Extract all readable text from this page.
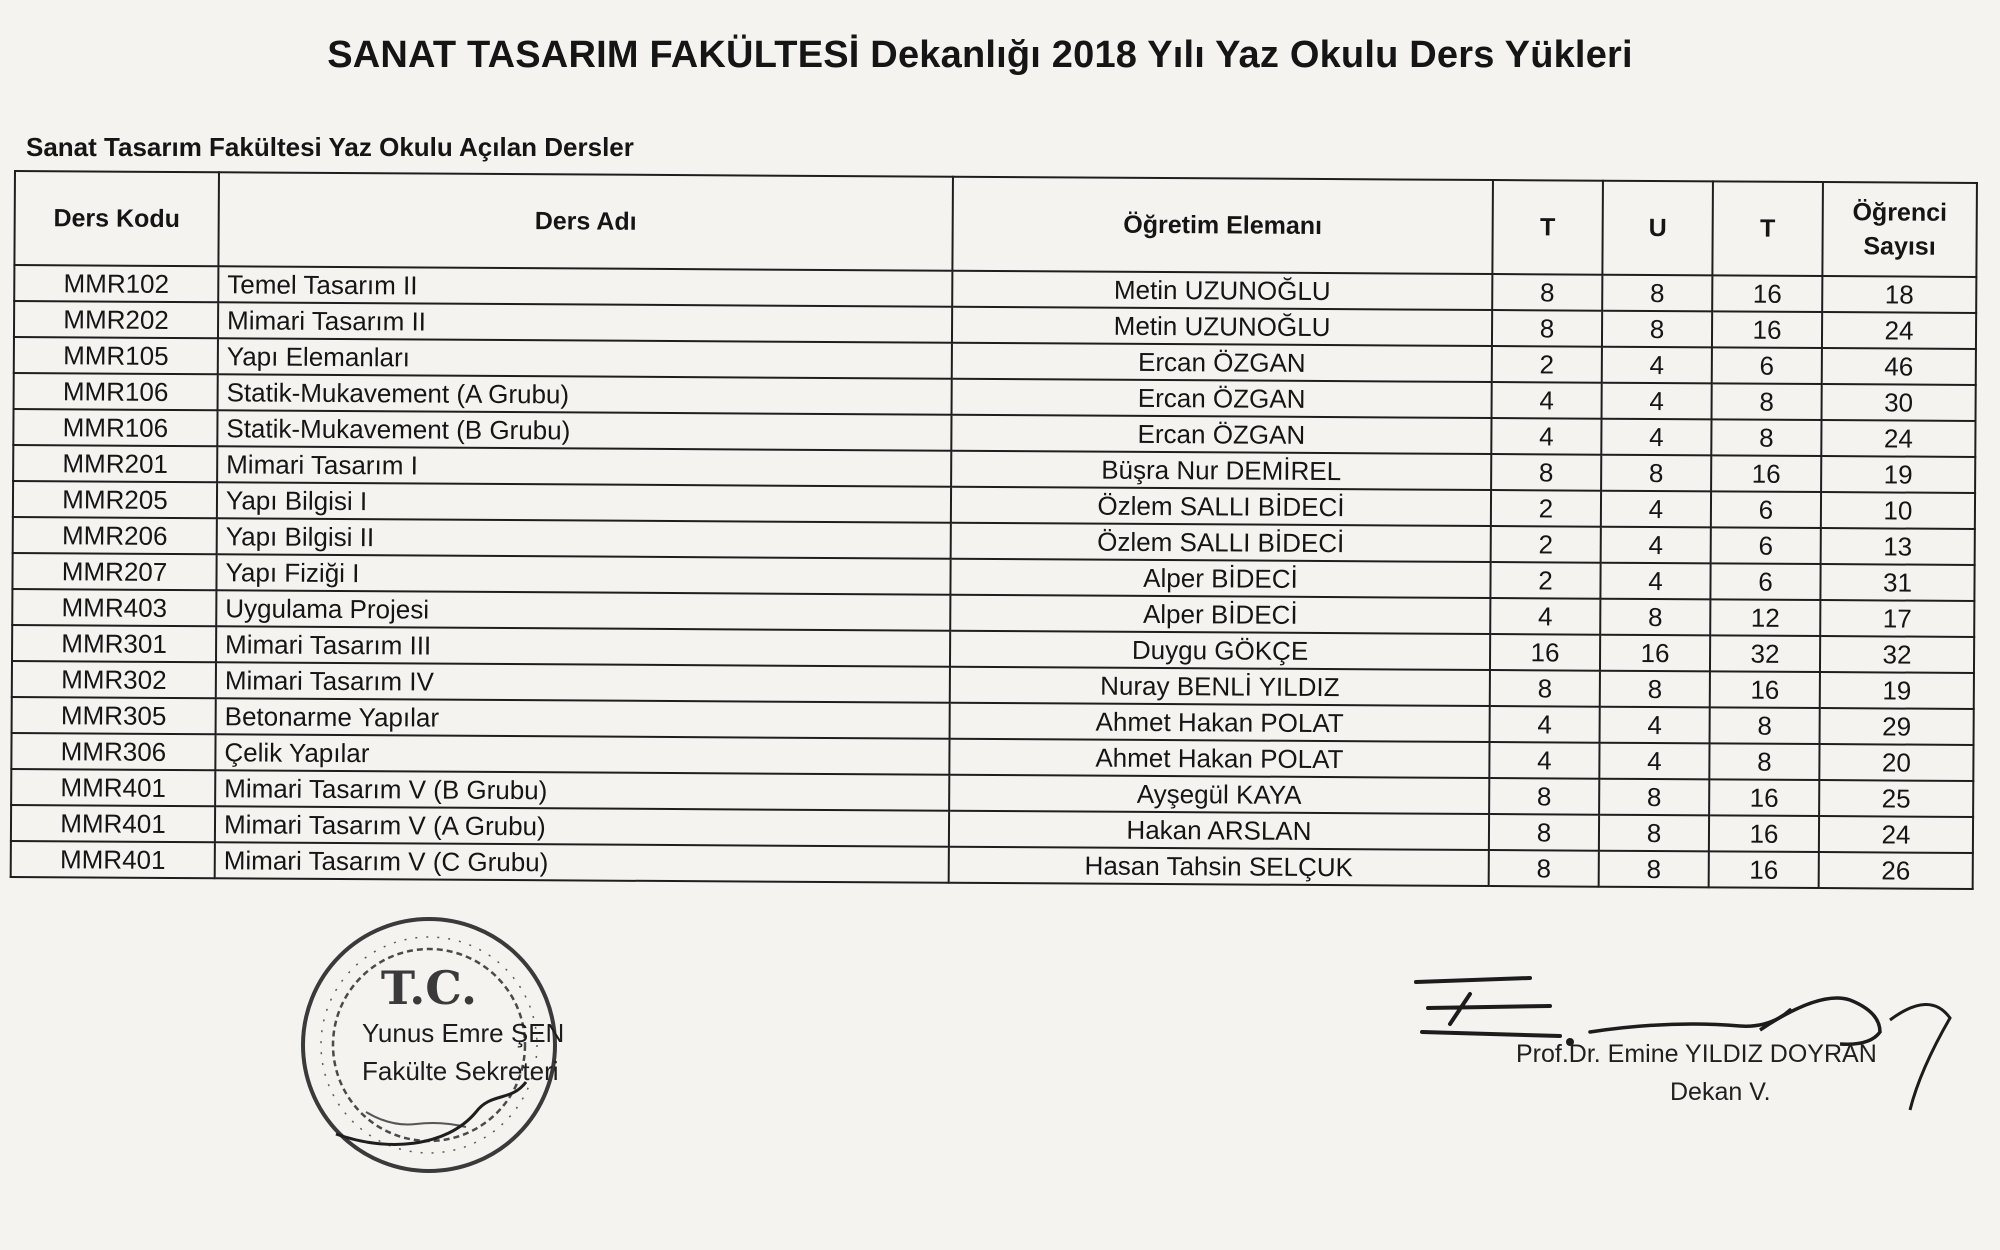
SANAT TASARIM FAKÜLTESİ Dekanlığı 2018 Yılı Yaz Okulu Ders Yükleri
Sanat Tasarım Fakültesi Yaz Okulu Açılan Dersler
Ders Kodu	Ders Adı	Öğretim Elemanı	T	U	T	Öğrenci
Sayısı
MMR102	Temel Tasarım II	Metin UZUNOĞLU	8	8	16	18
MMR202	Mimari Tasarım II	Metin UZUNOĞLU	8	8	16	24
MMR105	Yapı Elemanları	Ercan ÖZGAN	2	4	6	46
MMR106	Statik-Mukavement (A Grubu)	Ercan ÖZGAN	4	4	8	30
MMR106	Statik-Mukavement (B Grubu)	Ercan ÖZGAN	4	4	8	24
MMR201	Mimari Tasarım I	Büşra Nur DEMİREL	8	8	16	19
MMR205	Yapı Bilgisi I	Özlem SALLI BİDECİ	2	4	6	10
MMR206	Yapı Bilgisi II	Özlem SALLI BİDECİ	2	4	6	13
MMR207	Yapı Fiziği I	Alper BİDECİ	2	4	6	31
MMR403	Uygulama Projesi	Alper BİDECİ	4	8	12	17
MMR301	Mimari Tasarım III	Duygu GÖKÇE	16	16	32	32
MMR302	Mimari Tasarım IV	Nuray BENLİ YILDIZ	8	8	16	19
MMR305	Betonarme Yapılar	Ahmet Hakan POLAT	4	4	8	29
MMR306	Çelik Yapılar	Ahmet Hakan POLAT	4	4	8	20
MMR401	Mimari Tasarım V (B Grubu)	Ayşegül KAYA	8	8	16	25
MMR401	Mimari Tasarım V (A Grubu)	Hakan ARSLAN	8	8	16	24
MMR401	Mimari Tasarım V (C Grubu)	Hasan Tahsin SELÇUK	8	8	16	26
T.C.
Yunus Emre ŞEN
Fakülte Sekreteri
Prof.Dr. Emine YILDIZ DOYRAN
Dekan V.
